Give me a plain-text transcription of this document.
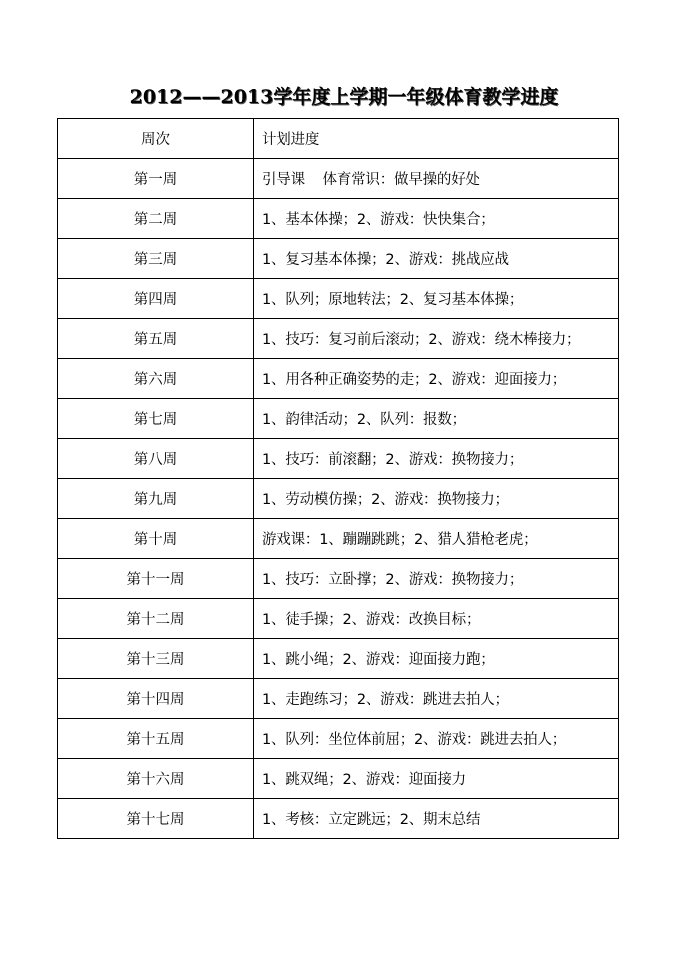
2012——2013学年度上学期一年级体育教学进度
周次	计划进度
第一周	引导课    体育常识：做早操的好处
第二周	1、基本体操；2、游戏：快快集合；
第三周	1、复习基本体操；2、游戏：挑战应战
第四周	1、队列；原地转法；2、复习基本体操；
第五周	1、技巧：复习前后滚动；2、游戏：绕木棒接力；
第六周	1、用各种正确姿势的走；2、游戏：迎面接力；
第七周	1、韵律活动；2、队列：报数；
第八周	1、技巧：前滚翻；2、游戏：换物接力；
第九周	1、劳动模仿操；2、游戏：换物接力；
第十周	游戏课：1、蹦蹦跳跳；2、猎人猎枪老虎；
第十一周	1、技巧：立卧撑；2、游戏：换物接力；
第十二周	1、徒手操；2、游戏：改换目标；
第十三周	1、跳小绳；2、游戏：迎面接力跑；
第十四周	1、走跑练习；2、游戏：跳进去拍人；
第十五周	1、队列：坐位体前屈；2、游戏：跳进去拍人；
第十六周	1、跳双绳；2、游戏：迎面接力
第十七周	1、考核：立定跳远；2、期末总结
